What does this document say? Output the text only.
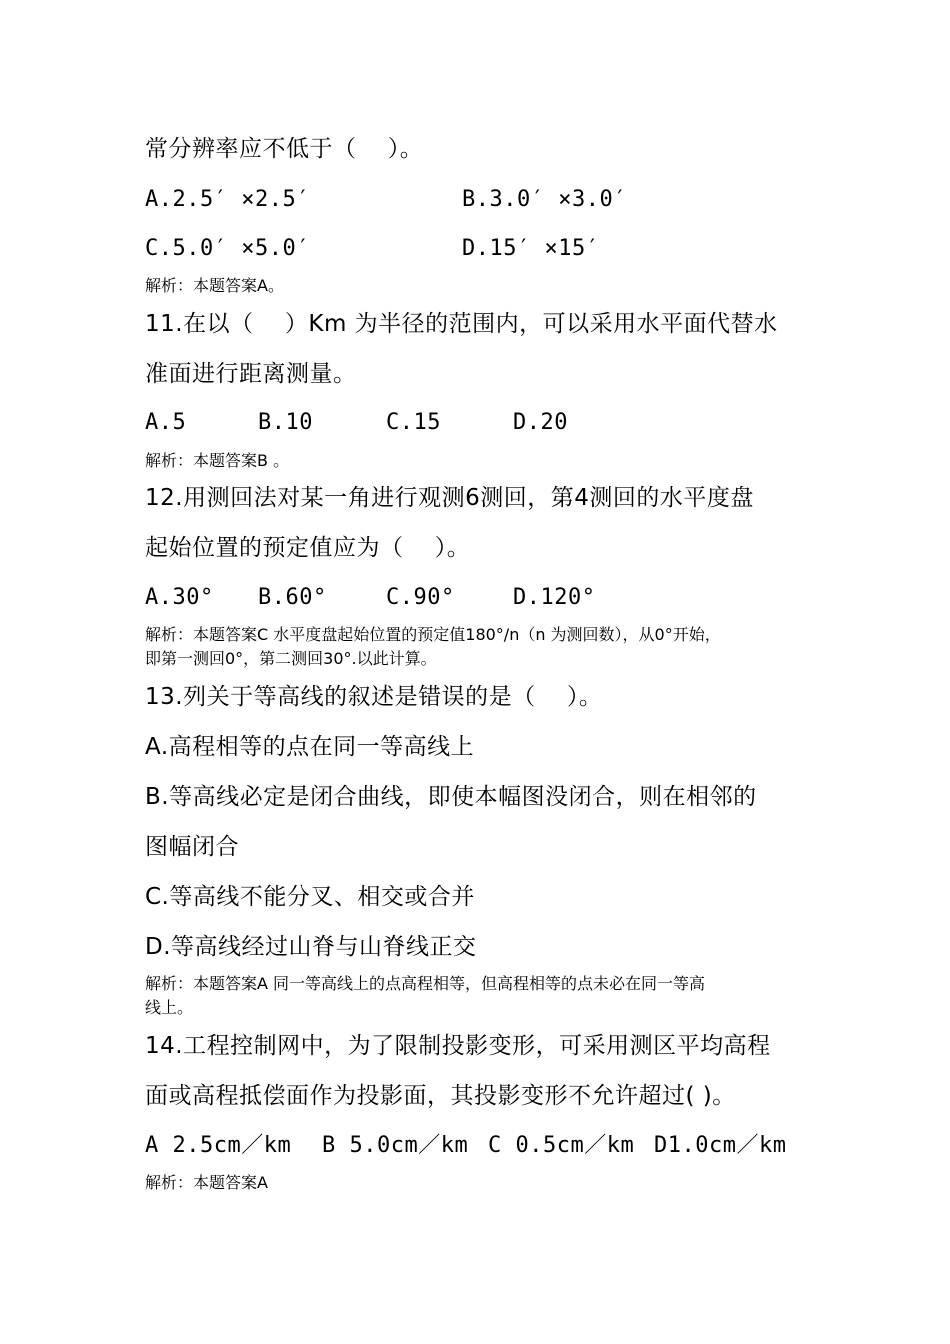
常分辨率应不低于（　 ）。
A.2.5′ ×2.5′	B.3.0′ ×3.0′
C.5.0′ ×5.0′	D.15′ ×15′
解析：本题答案A。
11.在以（　 ）Km 为半径的范围内，可以采用水平面代替水
准面进行距离测量。
A.5	B.10	C.15	D.20
解析：本题答案B 。
12.用测回法对某一角进行观测6测回，第4测回的水平度盘
起始位置的预定值应为（　 ）。
A.30° B.60°	C.90°	D.120°
解析：本题答案C 水平度盘起始位置的预定值180°/n（n 为测回数），从0°开始，
即第一测回0°，第二测回30°.以此计算。
13.列关于等高线的叙述是错误的是（　 ）。
A.高程相等的点在同一等高线上
B.等高线必定是闭合曲线，即使本幅图没闭合，则在相邻的
图幅闭合
C.等高线不能分叉、相交或合并
D.等高线经过山脊与山脊线正交
解析：本题答案A 同一等高线上的点高程相等，但高程相等的点未必在同一等高
线上。
14.工程控制网中，为了限制投影变形，可采用测区平均高程
面或高程抵偿面作为投影面，其投影变形不允许超过( )。
A 2.5cm／km B 5.0cm／km C 0.5cm／km D1.0cm／km
解析：本题答案A
